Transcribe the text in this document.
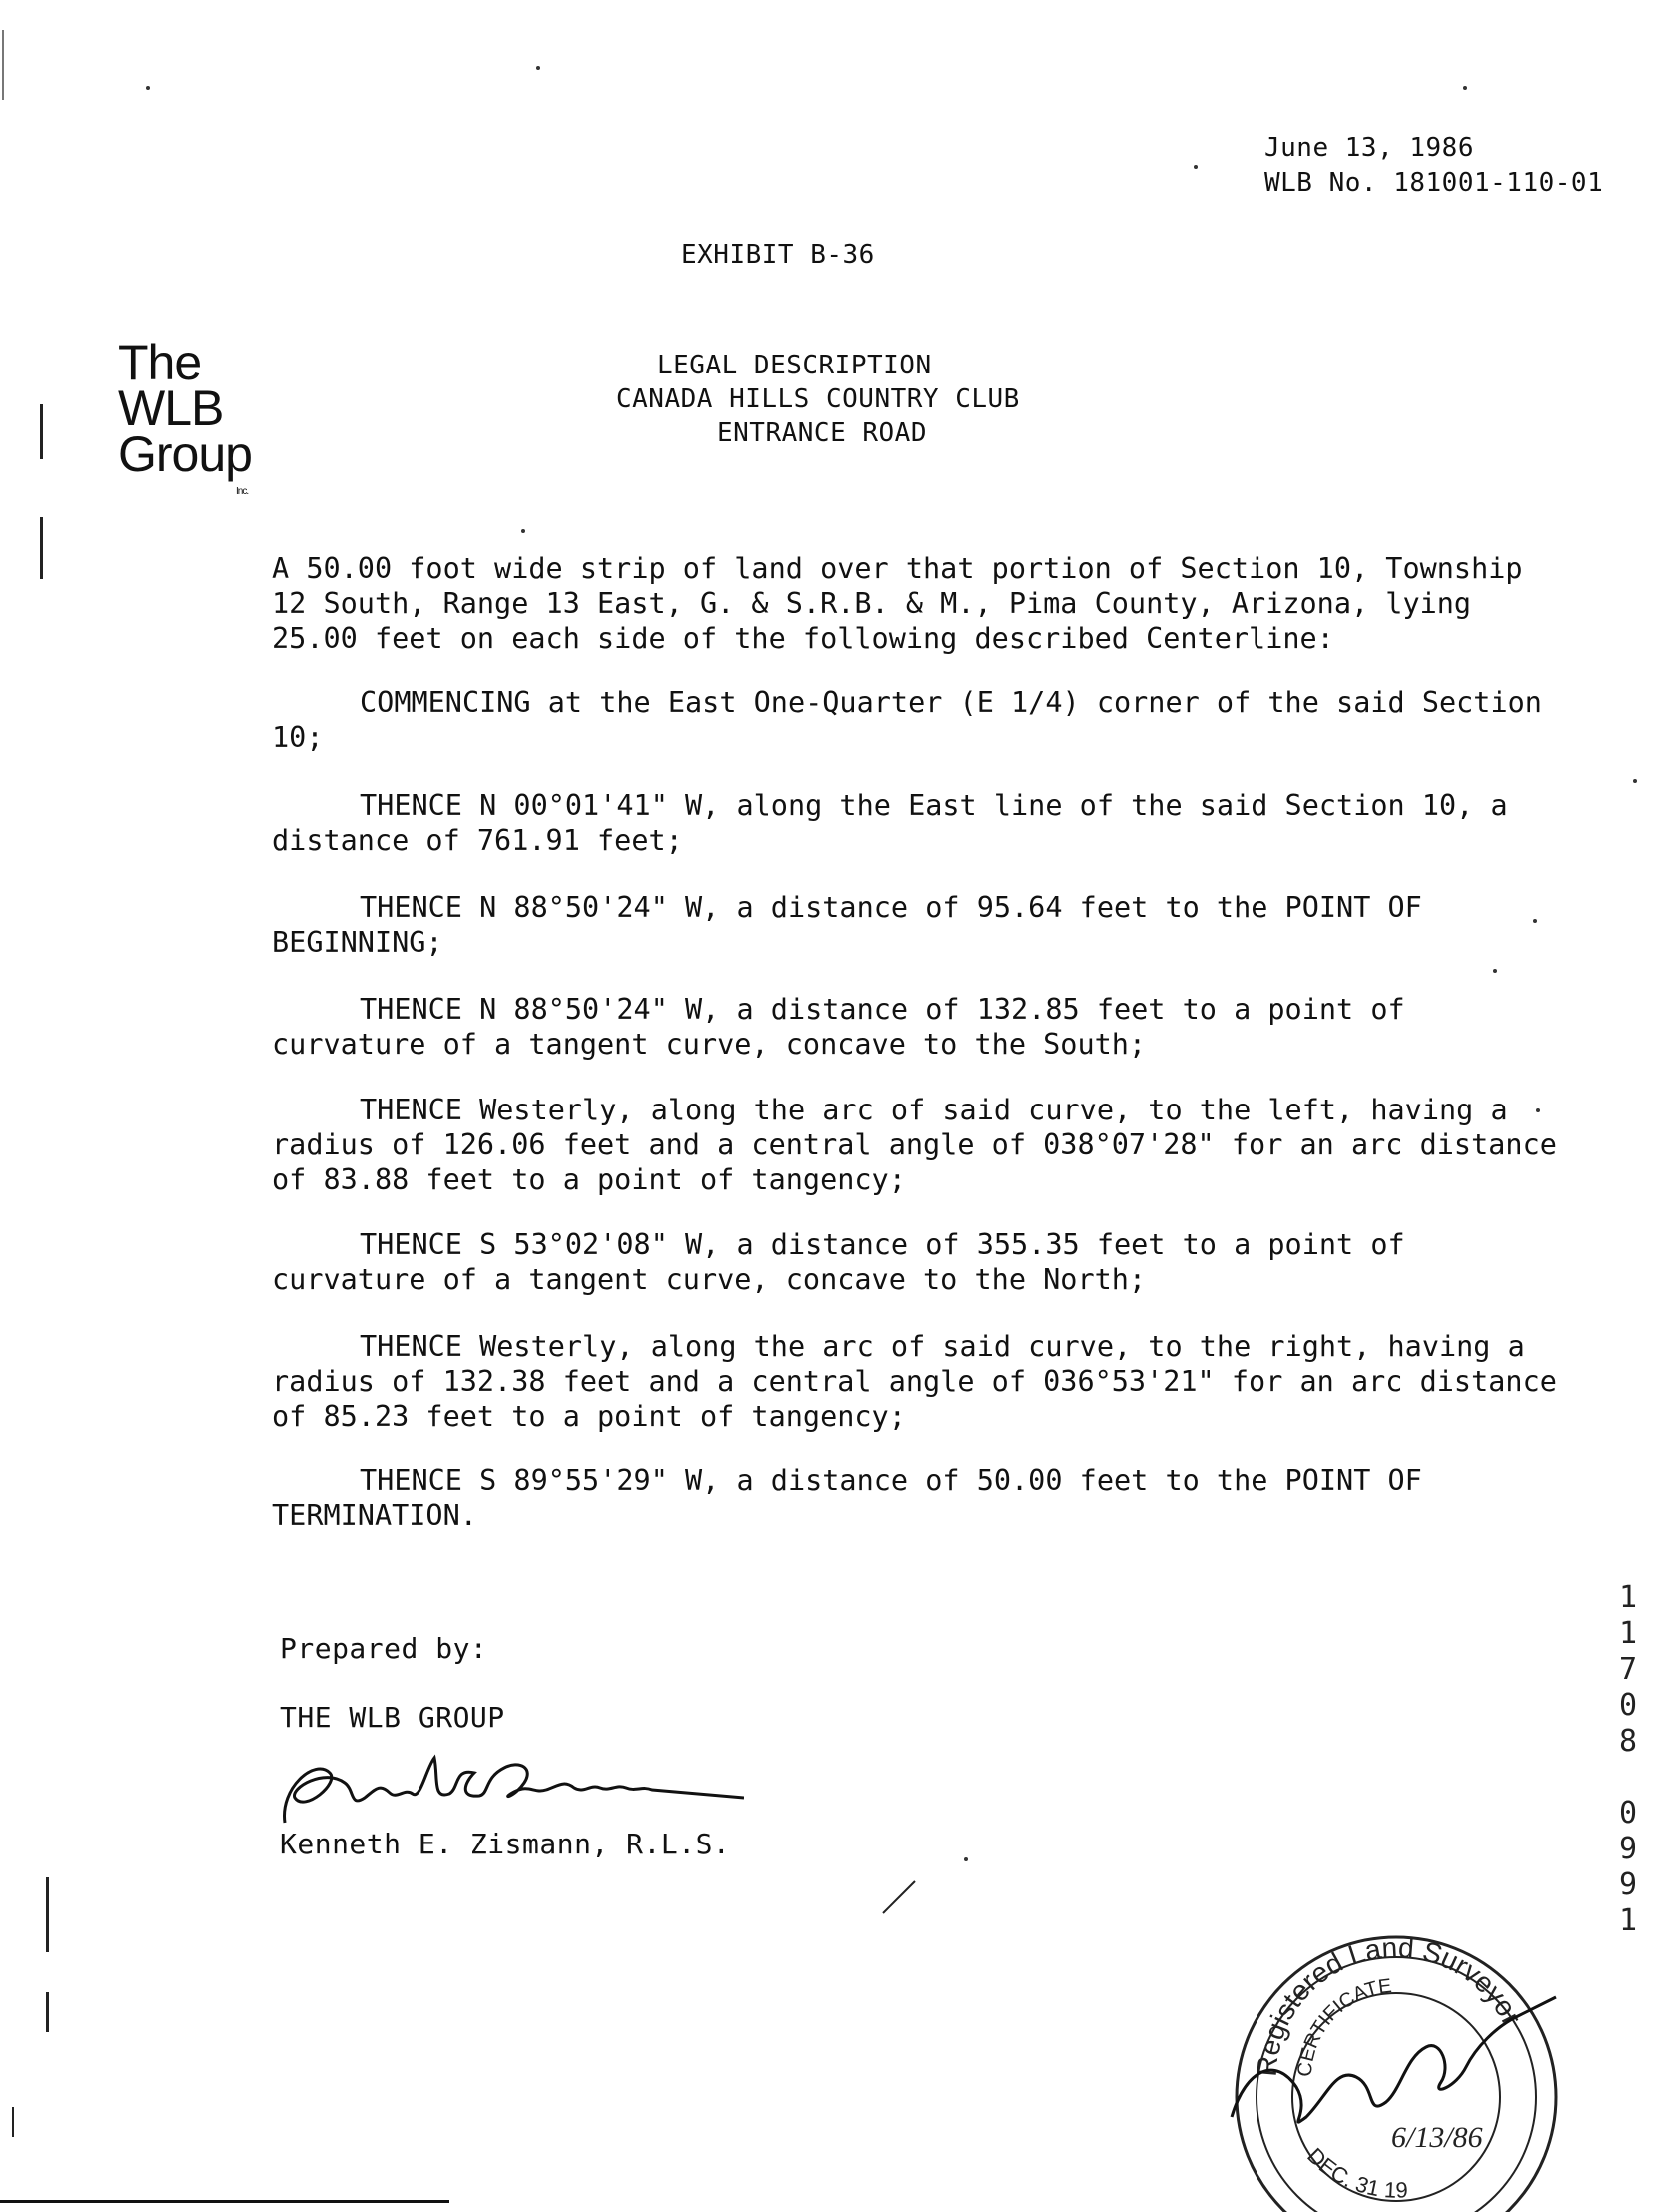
June 13, 1986
WLB No. 181001-110-01
EXHIBIT B-36
The
WLB
Group
Inc.
LEGAL DESCRIPTION
CANADA HILLS COUNTRY CLUB
ENTRANCE ROAD
A 50.00 foot wide strip of land over that portion of Section 10, Township 12 South, Range 13 East, G. & S.R.B. & M., Pima County, Arizona, lying 25.00 feet on each side of the following described Centerline:
COMMENCING at the East One-Quarter (E 1/4) corner of the said Section 10;
THENCE N 00°01'41" W, along the East line of the said Section 10, a distance of 761.91 feet;
THENCE N 88°50'24" W, a distance of 95.64 feet to the POINT OF BEGINNING;
THENCE N 88°50'24" W, a distance of 132.85 feet to a point of curvature of a tangent curve, concave to the South;
THENCE Westerly, along the arc of said curve, to the left, having a radius of 126.06 feet and a central angle of 038°07'28" for an arc distance of 83.88 feet to a point of tangency;
THENCE S 53°02'08" W, a distance of 355.35 feet to a point of curvature of a tangent curve, concave to the North;
THENCE Westerly, along the arc of said curve, to the right, having a radius of 132.38 feet and a central angle of 036°53'21" for an arc distance of 85.23 feet to a point of tangency;
THENCE S 89°55'29" W, a distance of 50.00 feet to the POINT OF TERMINATION.
Prepared by:
THE WLB GROUP
Kenneth E. Zismann, R.L.S.
1
1
7
0
8

0
9
9
1
Registered Land Surveyor
CERTIFICATE
DEC. 31 19
6/13/86
